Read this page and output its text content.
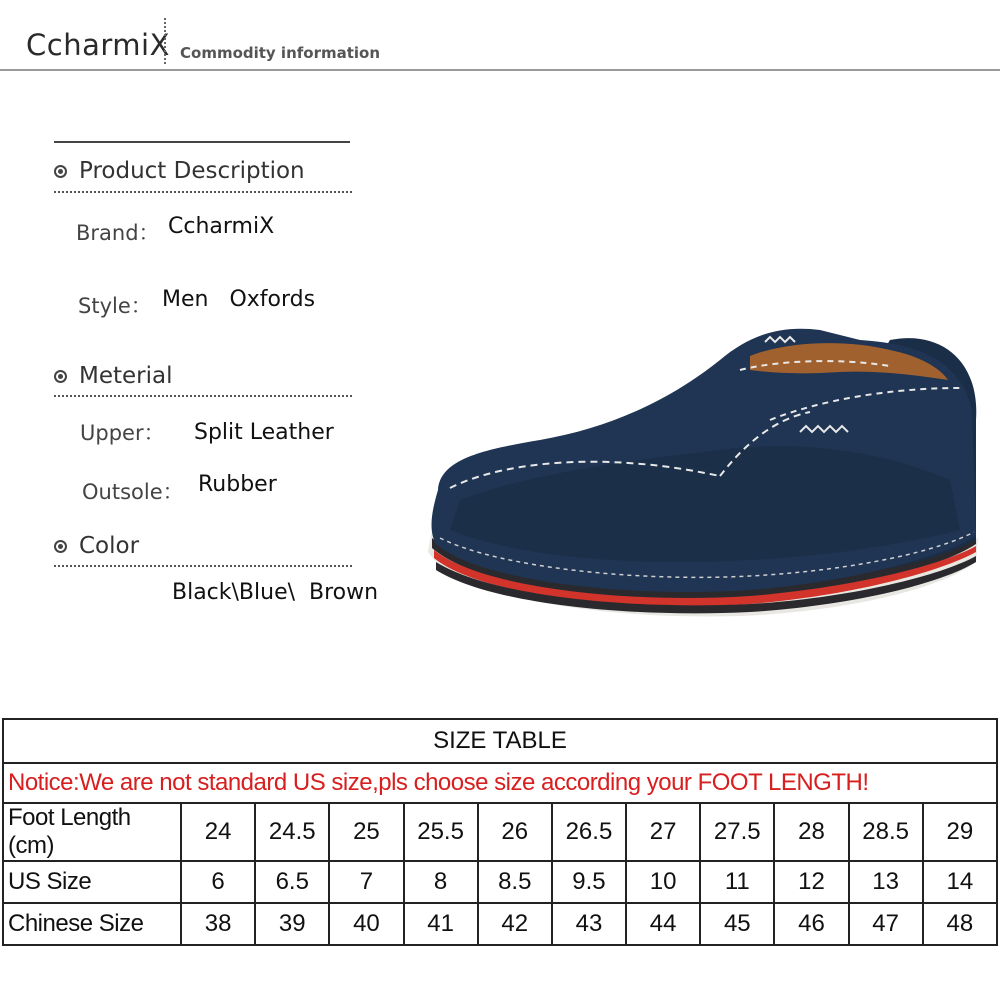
CcharmiX Commodity information
Product Description
Brand： CcharmiX
Style： Men   Oxfords
Meterial
Upper： Split Leather
Outsole： Rubber
Color
Black\Blue\  Brown
SIZE TABLE											
Notice:We are not standard US size,pls choose size according your FOOT LENGTH!											
Foot Length (cm)	24	24.5	25	25.5	26	26.5	27	27.5	28	28.5	29
US Size	6	6.5	7	8	8.5	9.5	10	11	12	13	14
Chinese Size	38	39	40	41	42	43	44	45	46	47	48
